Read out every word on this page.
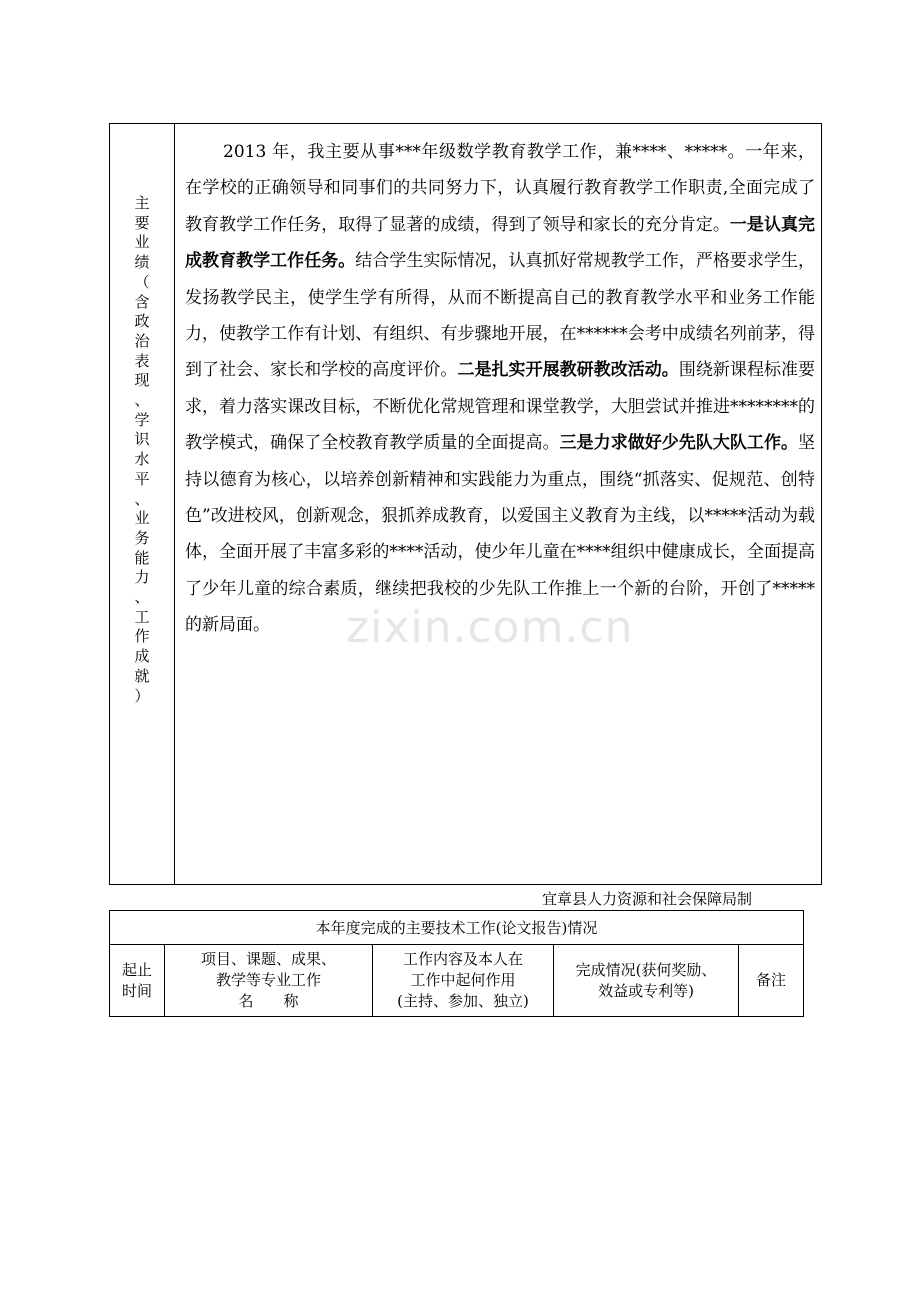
主
要
业
绩
（
含
政
治
表
现
、
学
识
水
平
、
业
务
能
力
、
工
作
成
就
）

2013 年，我主要从事***年级数学教育教学工作，兼****、*****。一年来，在学校的正确领导和同事们的共同努力下，认真履行教育教学工作职责,全面完成了教育教学工作任务，取得了显著的成绩，得到了领导和家长的充分肯定。一是认真完成教育教学工作任务。结合学生实际情况，认真抓好常规教学工作，严格要求学生，发扬教学民主，使学生学有所得，从而不断提高自己的教育教学水平和业务工作能力，使教学工作有计划、有组织、有步骤地开展，在******会考中成绩名列前茅，得到了社会、家长和学校的高度评价。二是扎实开展教研教改活动。围绕新课程标准要求，着力落实课改目标，不断优化常规管理和课堂教学，大胆尝试并推进********的教学模式，确保了全校教育教学质量的全面提高。三是力求做好少先队大队工作。坚持以德育为核心，以培养创新精神和实践能力为重点，围绕“抓落实、促规范、创特色”改进校风，创新观念，狠抓养成教育，以爱国主义教育为主线，以*****活动为载体，全面开展了丰富多彩的****活动，使少年儿童在****组织中健康成长，全面提高了少年儿童的综合素质，继续把我校的少先队工作推上一个新的台阶，开创了*****的新局面。	zixin.com.cn
宜章县人力资源和社会保障局制
本年度完成的主要技术工作(论文报告)情况
起止
时间
项目、课题、成果、
教学等专业工作
名　　称
工作内容及本人在
工作中起何作用
(主持、参加、独立)
完成情况(获何奖励、
效益或专利等)
备注
